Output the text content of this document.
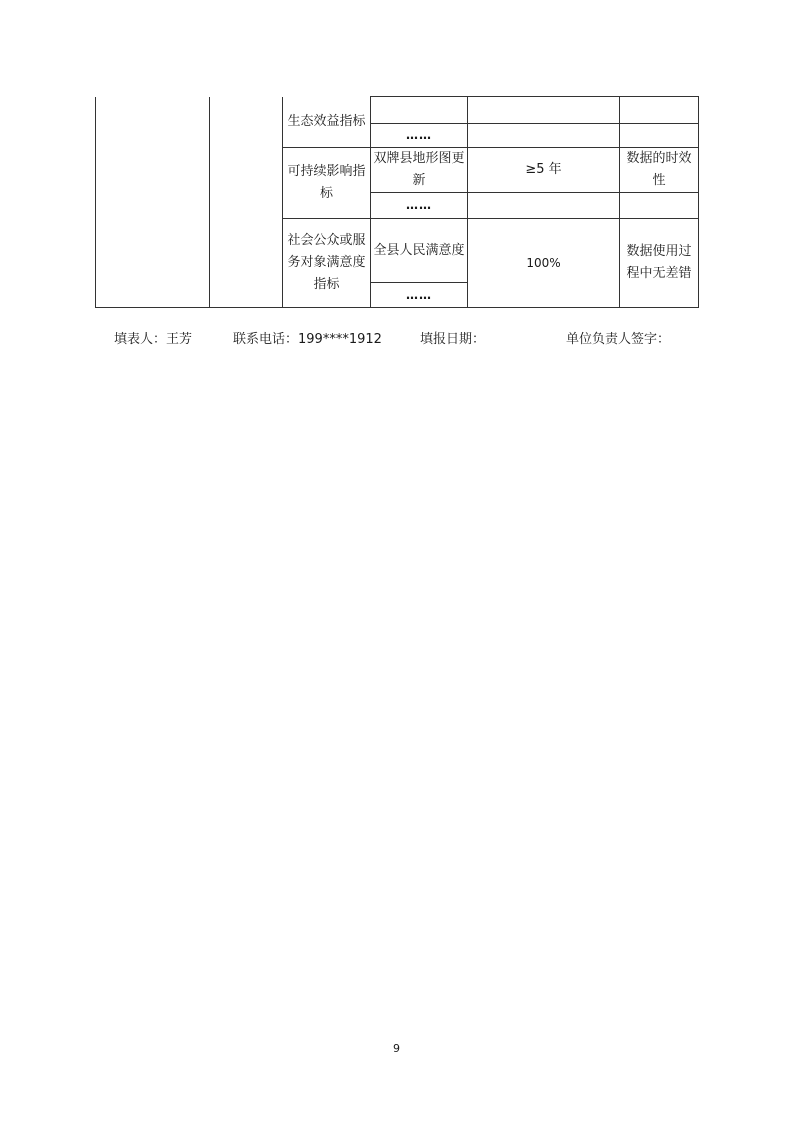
		生态效益指标			
			……		
		可持续影响指标	双牌县地形图更新	≥5 年	数据的时效性
			……		
		社会公众或服务对象满意度指标	全县人民满意度	100%	数据使用过程中无差错
			……		
填表人：王芳	联系电话：199****1912	填报日期：	单位负责人签字：
9
